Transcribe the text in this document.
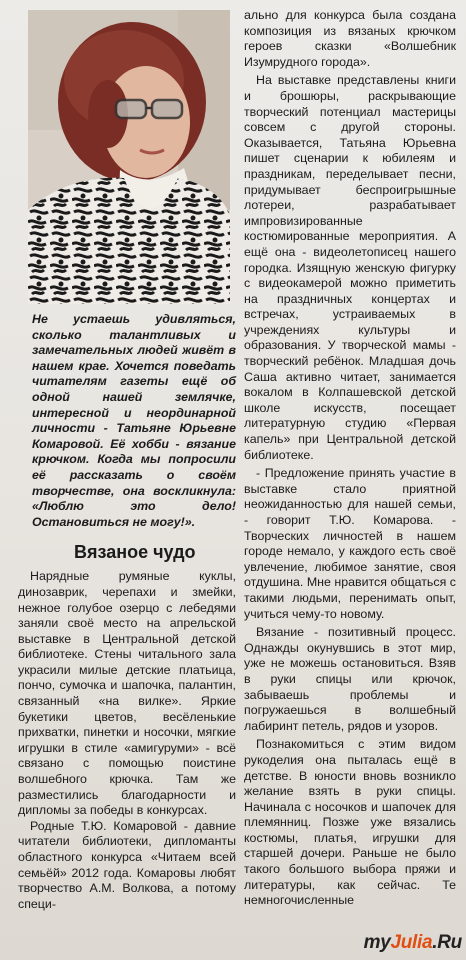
Не устаешь удивляться, сколько талантливых и замечательных людей живёт в нашем крае. Хочется поведать читателям газеты ещё об одной нашей землячке, интересной и неординарной личности - Татьяне Юрьевне Комаровой. Её хобби - вязание крючком. Когда мы попросили её рассказать о своём творчестве, она воскликнула: «Люблю это дело! Остановиться не могу!».

Вязаное чудо

Нарядные румяные куклы, динозаврик, черепахи и змейки, нежное голубое озерцо с лебедями заняли своё место на апрельской выставке в Центральной детской библиотеке. Стены читального зала украсили милые детские платьица, пончо, сумочка и шапочка, палантин, связанный «на вилке». Яркие букетики цветов, весёленькие прихватки, пинетки и носочки, мягкие игрушки в стиле «амигуруми» - всё связано с помощью поистине волшебного крючка. Там же разместились благодарности и дипломы за победы в конкурсах.

Родные Т.Ю. Комаровой - давние читатели библиотеки, дипломанты областного конкурса «Читаем всей семьёй» 2012 года. Комаровы любят творчество А.М. Волкова, а потому специ-

ально для конкурса была создана композиция из вязаных крючком героев сказки «Волшебник Изумрудного города».

На выставке представлены книги и брошюры, раскрывающие творческий потенциал мастерицы совсем с другой стороны. Оказывается, Татьяна Юрьевна пишет сценарии к юбилеям и праздникам, переделывает песни, придумывает беспроигрышные лотереи, разрабатывает импровизированные костюмированные мероприятия. А ещё она - видеолетописец нашего городка. Изящную женскую фигурку с видеокамерой можно приметить на праздничных концертах и встречах, устраиваемых в учреждениях культуры и образования. У творческой мамы - творческий ребёнок. Младшая дочь Саша активно читает, занимается вокалом в Колпашевской детской школе искусств, посещает литературную студию «Первая капель» при Центральной детской библиотеке.

- Предложение принять участие в выставке стало приятной неожиданностью для нашей семьи, - говорит Т.Ю. Комарова. - Творческих личностей в нашем городе немало, у каждого есть своё увлечение, любимое занятие, своя отдушина. Мне нравится общаться с такими людьми, перенимать опыт, учиться чему-то новому.

Вязание - позитивный процесс. Однажды окунувшись в этот мир, уже не можешь остановиться. Взяв в руки спицы или крючок, забываешь проблемы и погружаешься в волшебный лабиринт петель, рядов и узоров.

Познакомиться с этим видом рукоделия она пыталась ещё в детстве. В юности вновь возникло желание взять в руки спицы. Начинала с носочков и шапочек для племянниц. Позже уже вязались костюмы, платья, игрушки для старшей дочери. Раньше не было такого большого выбора пряжи и литературы, как сейчас. Те немногочисленные

myJulia.Ru
